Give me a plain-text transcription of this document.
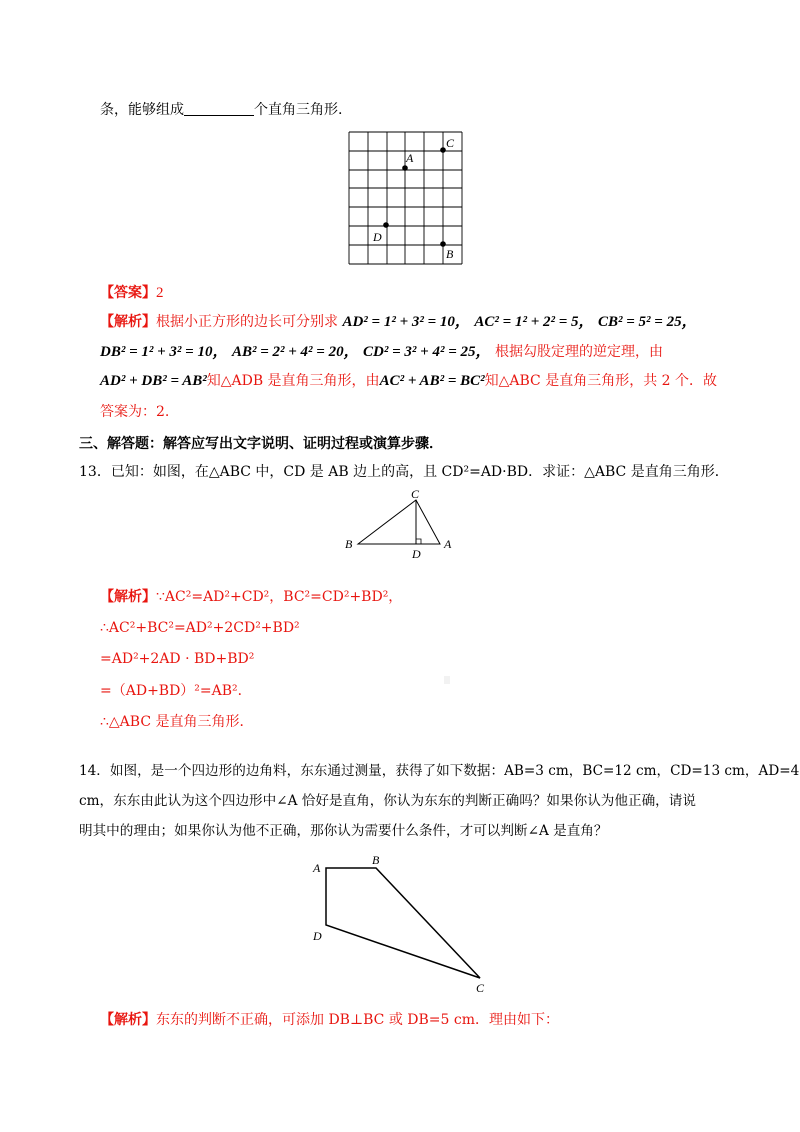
条，能够组成	个直角三角形.
A
C
D
B
【答案】2
【解析】根据小正方形的边长可分别求 AD² = 1² + 3² = 10， AC² = 1² + 2² = 5， CB² = 5² = 25，
DB² = 1² + 3² = 10， AB² = 2² + 4² = 20， CD² = 3² + 4² = 25， 根据勾股定理的逆定理，由
AD² + DB² = AB²知△ADB 是直角三角形，由AC² + AB² = BC²知△ABC 是直角三角形，共 2 个．故
答案为：2.
三、解答题：解答应写出文字说明、证明过程或演算步骤．
13．已知：如图，在△ABC 中，CD 是 AB 边上的高，且 CD²=AD·BD．求证：△ABC 是直角三角形．
C
B
D
A
【解析】∵AC²=AD²+CD²，BC²=CD²+BD²，
∴AC²+BC²=AD²+2CD²+BD²
=AD²+2AD · BD+BD²
=（AD+BD）²=AB²．
∴△ABC 是直角三角形．
14．如图，是一个四边形的边角料，东东通过测量，获得了如下数据：AB=3 cm，BC=12 cm，CD=13 cm，AD=4
cm，东东由此认为这个四边形中∠A 恰好是直角，你认为东东的判断正确吗？如果你认为他正确，请说
明其中的理由；如果你认为他不正确，那你认为需要什么条件，才可以判断∠A 是直角？
A
B
D
C
【解析】东东的判断不正确，可添加 DB⊥BC 或 DB=5 cm．理由如下：
